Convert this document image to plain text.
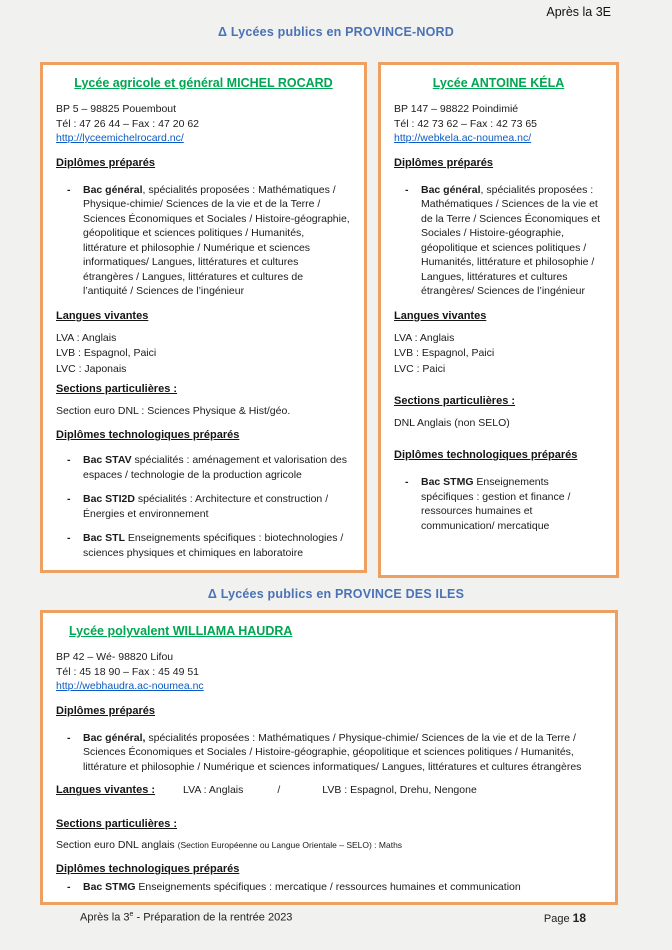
Après la 3E
Δ Lycées publics en PROVINCE-NORD
Lycée agricole et général MICHEL ROCARD
BP 5 – 98825 Pouembout
Tél : 47 26 44 – Fax : 47 20 62
http://lyceemichelrocard.nc/
Diplômes préparés
-	Bac général, spécialités proposées : Mathématiques / Physique-chimie/ Sciences de la vie et de la Terre / Sciences Économiques et Sociales / Histoire-géographie, géopolitique et sciences politiques / Humanités, littérature et philosophie / Numérique et sciences informatiques/ Langues, littératures et cultures étrangères / Langues, littératures et cultures de l’antiquité / Sciences de l’ingénieur
Langues vivantes
LVA : Anglais
LVB : Espagnol, Paici
LVC : Japonais
Sections particulières :
Section euro DNL : Sciences Physique & Hist/géo.
Diplômes technologiques préparés
-	Bac STAV spécialités : aménagement et valorisation des espaces / technologie de la production agricole
-	Bac STI2D spécialités : Architecture et construction / Énergies et environnement
-	Bac STL Enseignements spécifiques : biotechnologies / sciences physiques et chimiques en laboratoire
Lycée ANTOINE KÉLA
BP 147 – 98822 Poindimié
Tél : 42 73 62 – Fax : 42 73 65
http://webkela.ac-noumea.nc/
Diplômes préparés
-	Bac général, spécialités proposées : Mathématiques / Sciences de la vie et de la Terre / Sciences Économiques et Sociales / Histoire-géographie, géopolitique et sciences politiques / Humanités, littérature et philosophie / Langues, littératures et cultures étrangères/ Sciences de l’ingénieur
Langues vivantes
LVA : Anglais
LVB : Espagnol, Paici
LVC : Paici
Sections particulières :
DNL Anglais (non SELO)
Diplômes technologiques préparés
-	Bac STMG Enseignements spécifiques : gestion et finance / ressources humaines et communication/ mercatique
Δ Lycées publics en PROVINCE DES ILES
Lycée polyvalent WILLIAMA HAUDRA
BP 42 – Wé- 98820 Lifou
Tél : 45 18 90 – Fax : 45 49 51
http://webhaudra.ac-noumea.nc
Diplômes préparés
-	Bac général, spécialités proposées : Mathématiques / Physique-chimie/ Sciences de la vie et de la Terre / Sciences Économiques et Sociales / Histoire-géographie, géopolitique et sciences politiques / Humanités, littérature et philosophie / Numérique et sciences informatiques/ Langues, littératures et cultures étrangères
Langues vivantes :	LVA : Anglais	/	LVB : Espagnol, Drehu, Nengone
Sections particulières :
Section euro DNL anglais (Section Européenne ou Langue Orientale – SELO) : Maths
Diplômes technologiques préparés
-	Bac STMG Enseignements spécifiques : mercatique / ressources humaines et communication
Après la 3e - Préparation de la rentrée 2023	Page 18
